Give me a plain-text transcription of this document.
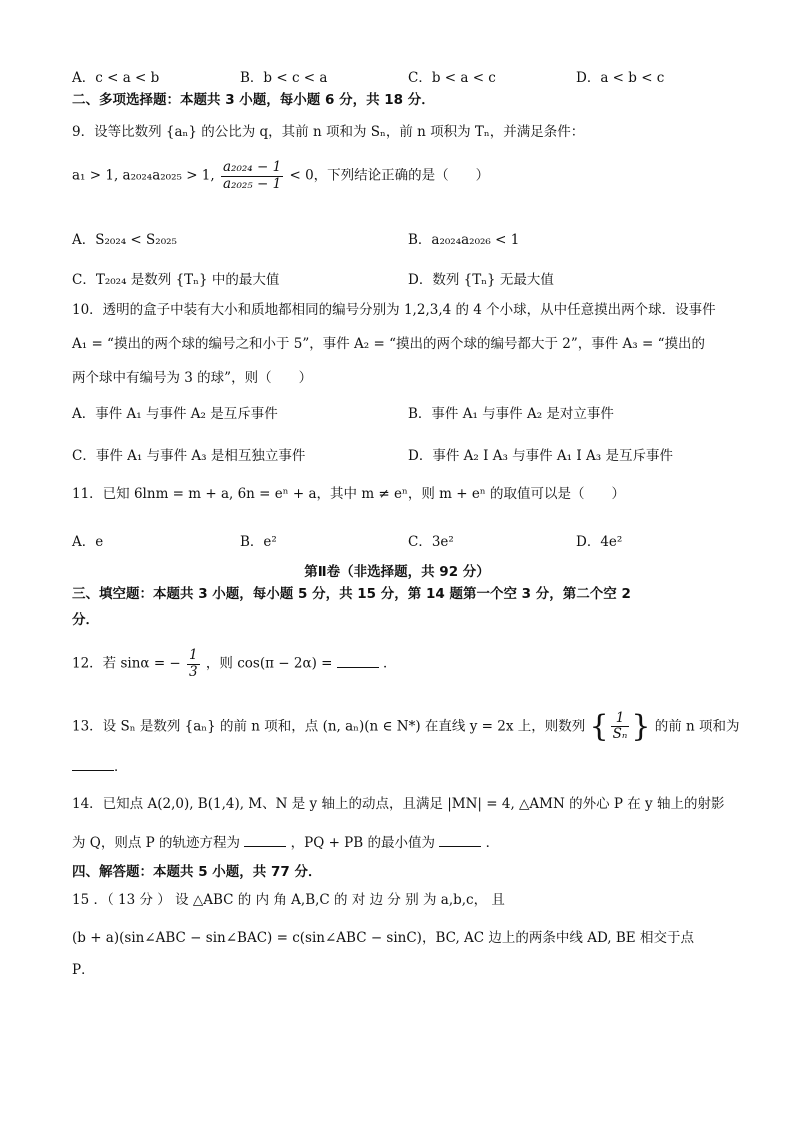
A．c < a < b	B．b < c < a	C．b < a < c	D．a < b < c
二、多项选择题：本题共 3 小题，每小题 6 分，共 18 分．
9．设等比数列 {aₙ} 的公比为 q，其前 n 项和为 Sₙ，前 n 项积为 Tₙ，并满足条件：
a₁ > 1, a₂₀₂₄a₂₀₂₅ > 1, $\frac{\text{a₂₀₂₄ − 1}}{\text{a₂₀₂₅ − 1}} < 0$，下列结论正确的是（　　）
A．S₂₀₂₄ < S₂₀₂₅	B．a₂₀₂₄a₂₀₂₆ < 1
C．T₂₀₂₄ 是数列 {Tₙ} 中的最大值	D．数列 {Tₙ} 无最大值
10．透明的盒子中装有大小和质地都相同的编号分别为 1,2,3,4 的 4 个小球，从中任意摸出两个球．设事件
A₁ = “摸出的两个球的编号之和小于 5”，事件 A₂ = “摸出的两个球的编号都大于 2”，事件 A₃ = “摸出的
两个球中有编号为 3 的球”，则（　　）
A．事件 A₁ 与事件 A₂ 是互斥事件	B．事件 A₁ 与事件 A₂ 是对立事件
C．事件 A₁ 与事件 A₃ 是相互独立事件	D．事件 A₂ I A₃ 与事件 A₁ I A₃ 是互斥事件
11．已知 6lnm = m + a, 6n = eⁿ + a，其中 m ≠ eⁿ，则 m + eⁿ 的取值可以是（　　）
A．e	B．e²	C．3e²	D．4e²
第Ⅱ卷（非选择题，共 92 分）
三、填空题：本题共 3 小题，每小题 5 分，共 15 分，第 14 题第一个空 3 分，第二个空 2
分．
12．若 sinα = − $\frac{1}{3}$ ，则 cos(π − 2α) =	．
13．设 Sₙ 是数列 {aₙ} 的前 n 项和，点 (n, aₙ)(n ∈ N*) 在直线 y = 2x 上，则数列 { $\frac{1}{\text{Sₙ}}$ } 的前 n 项和为
．
14．已知点 A(2,0), B(1,4), M、N 是 y 轴上的动点，且满足 |MN| = 4, △AMN 的外心 P 在 y 轴上的射影
为 Q，则点 P 的轨迹方程为	，PQ + PB 的最小值为	．
四、解答题：本题共 5 小题，共 77 分．
15 ．（ 13 分 ） 设 △ABC 的 内 角 A,B,C 的 对 边 分 别 为 a,b,c， 且
(b + a)(sin∠ABC − sin∠BAC) = c(sin∠ABC − sinC)，BC, AC 边上的两条中线 AD, BE 相交于点
P．
